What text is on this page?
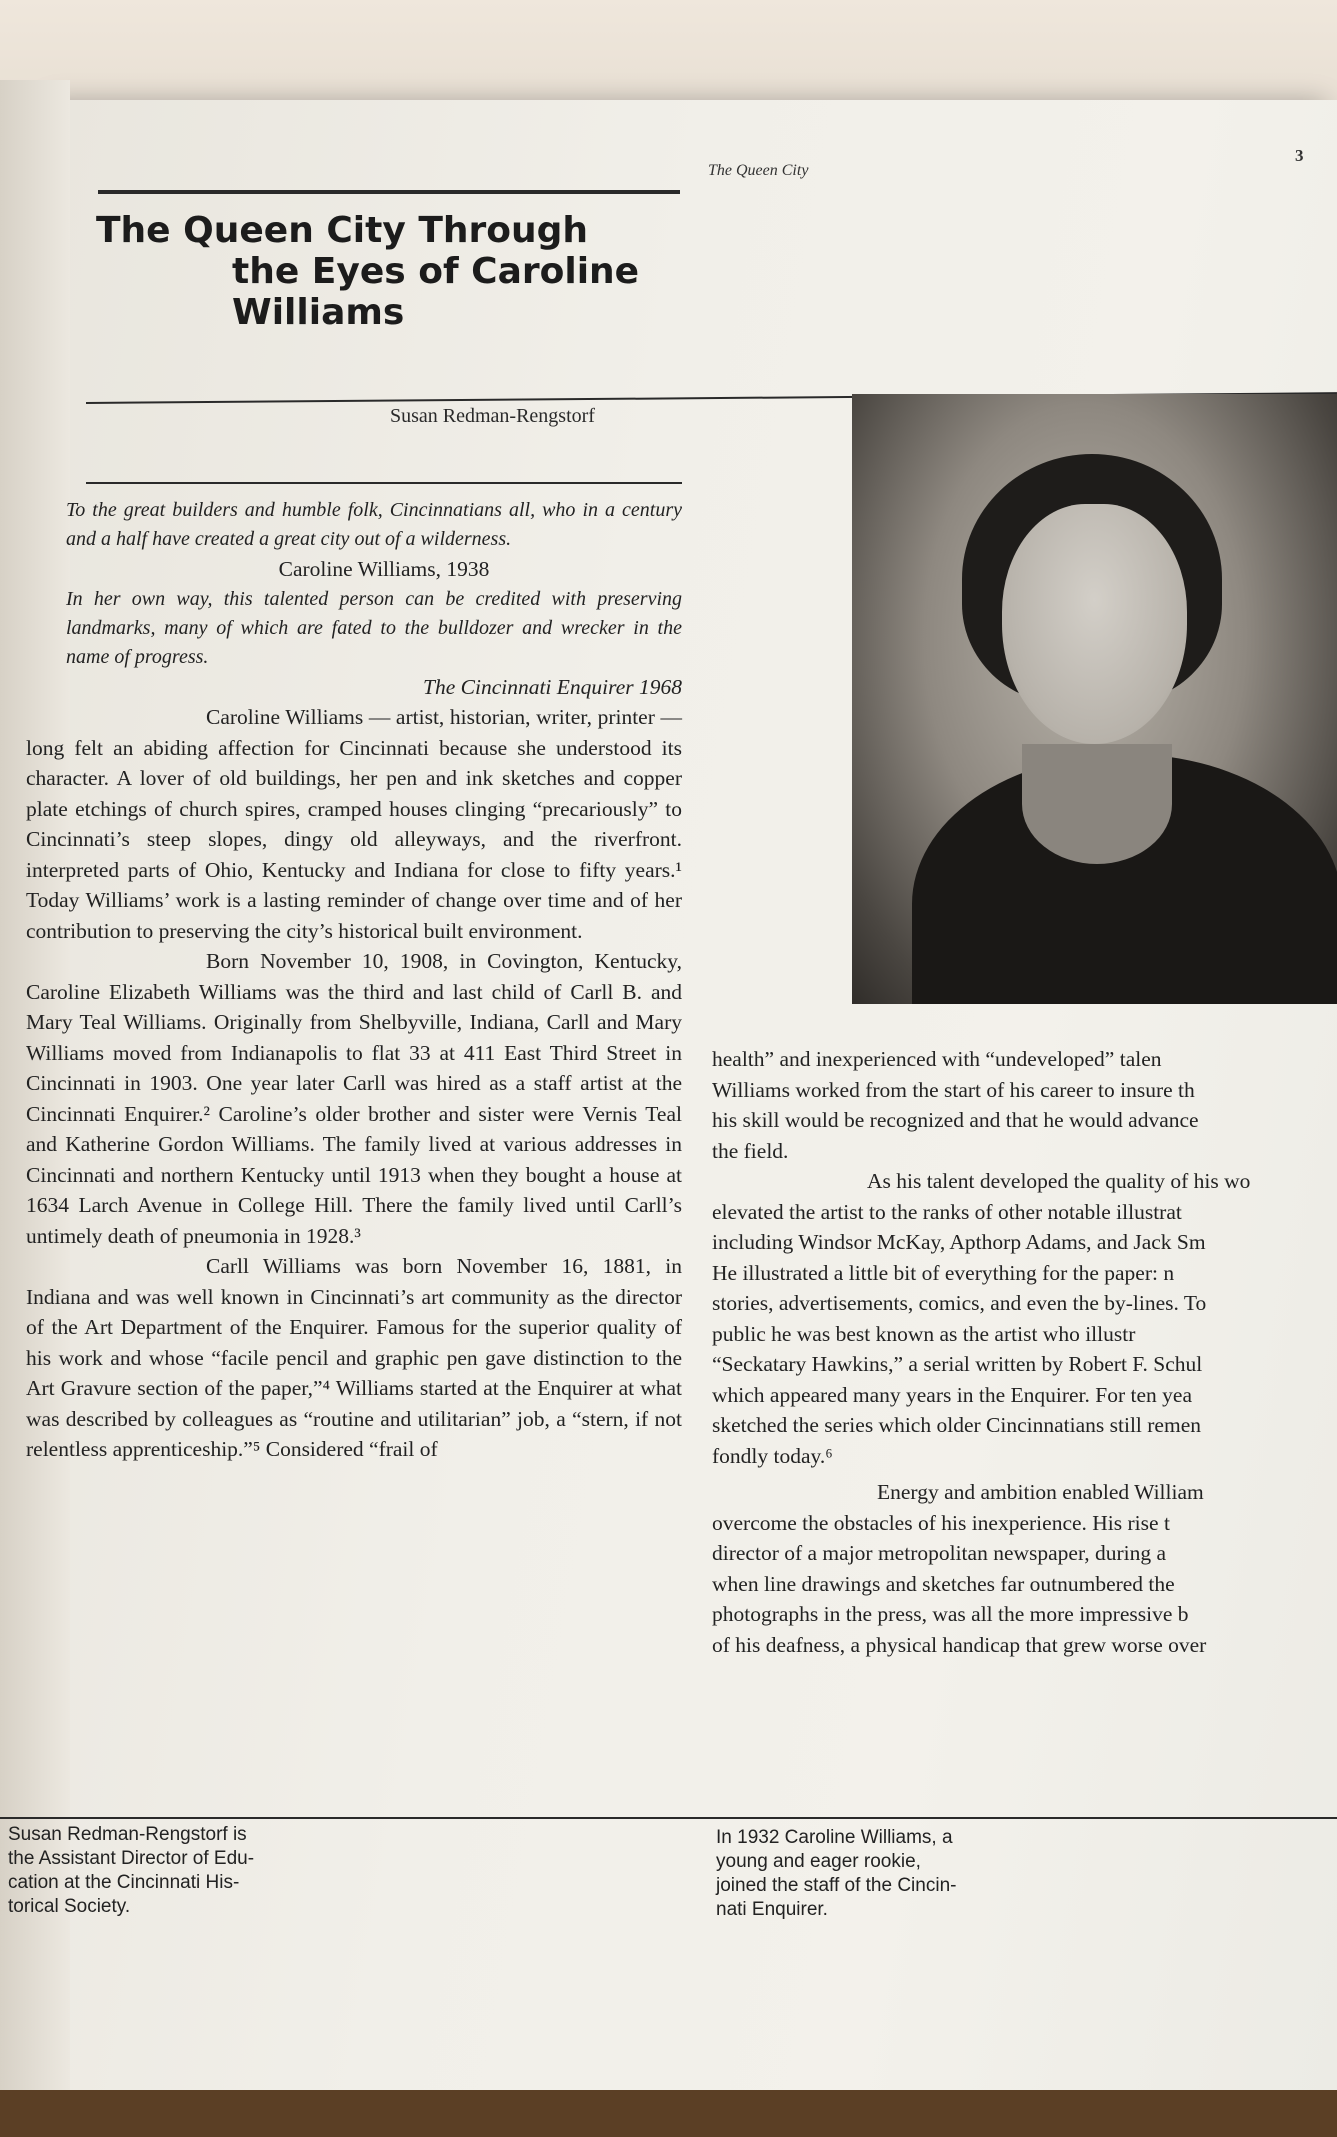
The Queen City
3
The Queen City Through
the Eyes of Caroline
Williams
Susan Redman-Rengstorf

To the great builders and humble folk, Cincinnatians all, who in a century and a half have created a great city out of a wilderness.

Caroline Williams, 1938

In her own way, this talented person can be credited with preserving landmarks, many of which are fated to the bulldozer and wrecker in the name of progress.

The Cincinnati Enquirer 1968

Caroline Williams — artist, historian, writer, printer — long felt an abiding affection for Cincinnati because she understood its character. A lover of old buildings, her pen and ink sketches and copper plate etchings of church spires, cramped houses clinging “precariously” to Cincinnati’s steep slopes, dingy old alleyways, and the riverfront. interpreted parts of Ohio, Kentucky and Indiana for close to fifty years.¹ Today Williams’ work is a lasting reminder of change over time and of her contribution to preserving the city’s historical built environment.

Born November 10, 1908, in Covington, Kentucky, Caroline Elizabeth Williams was the third and last child of Carll B. and Mary Teal Williams. Originally from Shelbyville, Indiana, Carll and Mary Williams moved from Indianapolis to flat 33 at 411 East Third Street in Cincinnati in 1903. One year later Carll was hired as a staff artist at the Cincinnati Enquirer.² Caroline’s older brother and sister were Vernis Teal and Katherine Gordon Williams. The family lived at various addresses in Cincinnati and northern Kentucky until 1913 when they bought a house at 1634 Larch Avenue in College Hill. There the family lived until Carll’s untimely death of pneumonia in 1928.³

Carll Williams was born November 16, 1881, in Indiana and was well known in Cincinnati’s art community as the director of the Art Department of the Enquirer. Famous for the superior quality of his work and whose “facile pencil and graphic pen gave distinction to the Art Gravure section of the paper,”⁴ Williams started at the Enquirer at what was described by colleagues as “routine and utilitarian” job, a “stern, if not relentless apprenticeship.”⁵ Considered “frail of

health” and inexperienced with “undeveloped” talen

Williams worked from the start of his career to insure th

his skill would be recognized and that he would advance

the field.

As his talent developed the quality of his wo

elevated the artist to the ranks of other notable illustrat

including Windsor McKay, Apthorp Adams, and Jack Sm

He illustrated a little bit of everything for the paper: n

stories, advertisements, comics, and even the by-lines. To

public he was best known as the artist who illustr

“Seckatary Hawkins,” a serial written by Robert F. Schul

which appeared many years in the Enquirer. For ten yea

sketched the series which older Cincinnatians still remen

fondly today.⁶

Energy and ambition enabled William

overcome the obstacles of his inexperience. His rise t

director of a major metropolitan newspaper, during a

when line drawings and sketches far outnumbered the

photographs in the press, was all the more impressive b

of his deafness, a physical handicap that grew worse over

Susan Redman-Rengstorf is
the Assistant Director of Edu-
cation at the Cincinnati His-
torical Society.
In 1932 Caroline Williams, a
young and eager rookie,
joined the staff of the Cincin-
nati Enquirer.
